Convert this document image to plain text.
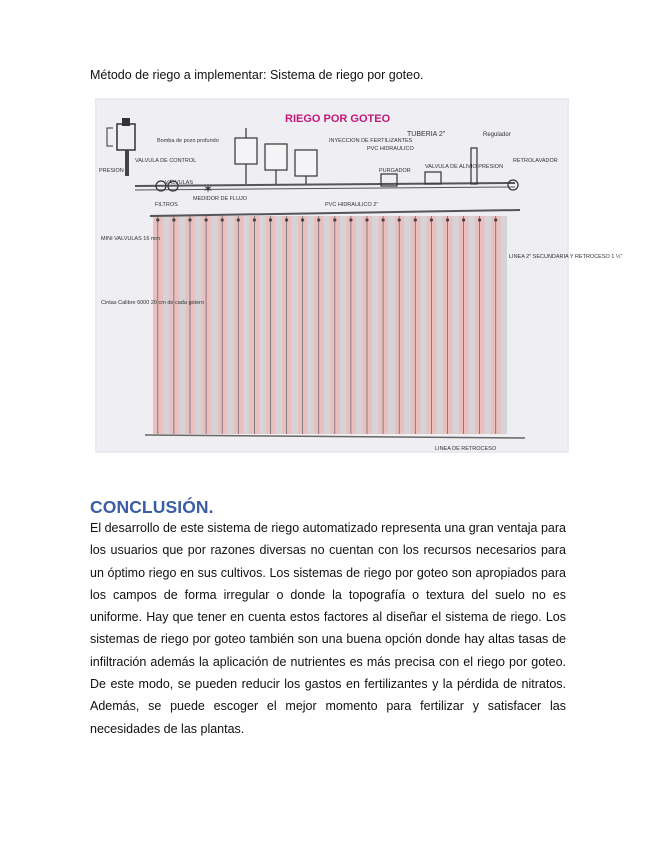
Método de riego a implementar: Sistema de riego por goteo.

✶
RIEGO POR GOTEO
Bomba de pozo profundo
VALVULA DE CONTROL
PRESION
VÁLVULAS
MEDIDOR DE FLUJO
FILTROS
INYECCION DE FERTILIZANTES
PVC HIDRAULICO
TUBERIA 2"	Regulador
PURGADOR
VALVULA DE ALIVIO PRESION
RETROLAVADOR
PVC HIDRAULICO 2"
MINI VALVULAS 16 mm
Cintas Calibre 6000 20 cm de cada gotero
LINEA 2" SECUNDARIA Y RETROCESO 1 ½"
LINEA DE RETROCESO
CONCLUSIÓN.

El desarrollo de este sistema de riego automatizado representa una gran ventaja para los usuarios que por razones diversas no cuentan con los recursos necesarios para un óptimo riego en sus cultivos. Los sistemas de riego por goteo son apropiados para los campos de forma irregular o donde la topografía o textura del suelo no es uniforme. Hay que tener en cuenta estos factores al diseñar el sistema de riego. Los sistemas de riego por goteo también son una buena opción donde hay altas tasas de infiltración además la aplicación de nutrientes es más precisa con el riego por goteo. De este modo, se pueden reducir los gastos en fertilizantes y la pérdida de nitratos. Además, se puede escoger el mejor momento para fertilizar y satisfacer las necesidades de las plantas.
